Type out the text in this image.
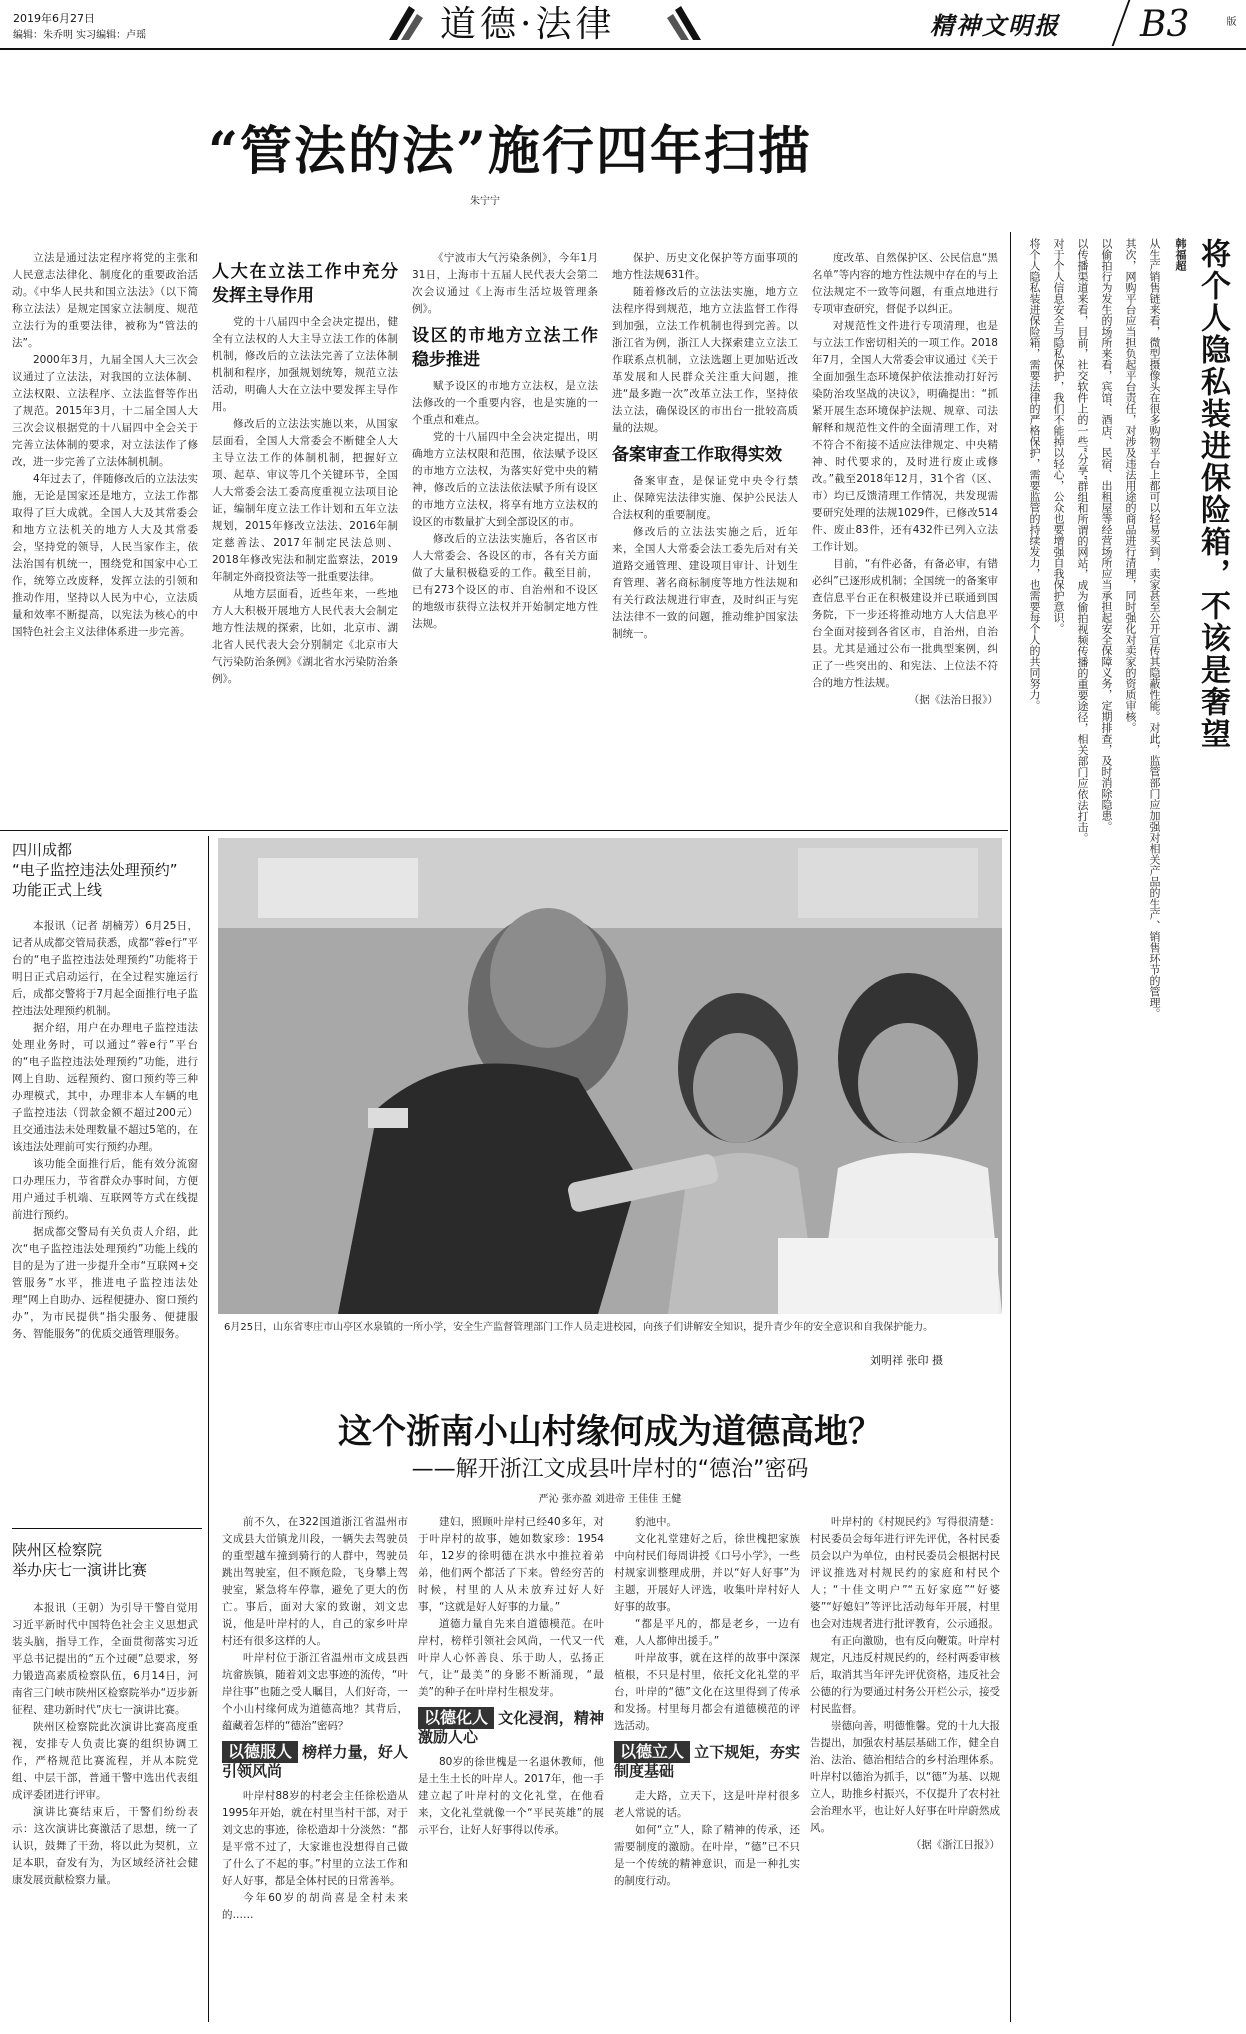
2019年6月27日
编辑：朱乔明 实习编辑：卢瑶	道德·法律	精神文明报 B3	版
“管法的法”施行四年扫描
朱宁宁

立法是通过法定程序将党的主张和人民意志法律化、制度化的重要政治活动。《中华人民共和国立法法》（以下简称立法法）是规定国家立法制度、规范立法行为的重要法律，被称为“管法的法”。

2000年3月，九届全国人大三次会议通过了立法法，对我国的立法体制、立法权限、立法程序、立法监督等作出了规范。2015年3月，十二届全国人大三次会议根据党的十八届四中全会关于完善立法体制的要求，对立法法作了修改，进一步完善了立法体制机制。

4年过去了，伴随修改后的立法法实施，无论是国家还是地方，立法工作都取得了巨大成就。全国人大及其常委会和地方立法机关的地方人大及其常委会，坚持党的领导，人民当家作主，依法治国有机统一，围绕党和国家中心工作，统筹立改废释，发挥立法的引领和推动作用，坚持以人民为中心，立法质量和效率不断提高，以宪法为核心的中国特色社会主义法律体系进一步完善。

人大在立法工作中充分发挥主导作用

党的十八届四中全会决定提出，健全有立法权的人大主导立法工作的体制机制，修改后的立法法完善了立法体制机制和程序，加强规划统筹，规范立法活动，明确人大在立法中要发挥主导作用。

修改后的立法法实施以来，从国家层面看，全国人大常委会不断健全人大主导立法工作的体制机制，把握好立项、起草、审议等几个关键环节，全国人大常委会法工委高度重视立法项目论证，编制年度立法工作计划和五年立法规划，2015年修改立法法、2016年制定慈善法、2017年制定民法总则、2018年修改宪法和制定监察法，2019年制定外商投资法等一批重要法律。

从地方层面看，近些年来，一些地方人大积极开展地方人民代表大会制定地方性法规的探索，比如，北京市、湖北省人民代表大会分别制定《北京市大气污染防治条例》《湖北省水污染防治条例》。

《宁波市大气污染条例》，今年1月31日，上海市十五届人民代表大会第二次会议通过《上海市生活垃圾管理条例》。

设区的市地方立法工作稳步推进

赋予设区的市地方立法权，是立法法修改的一个重要内容，也是实施的一个重点和难点。

党的十八届四中全会决定提出，明确地方立法权限和范围，依法赋予设区的市地方立法权，为落实好党中央的精神，修改后的立法法依法赋予所有设区的市地方立法权，将享有地方立法权的设区的市数量扩大到全部设区的市。

修改后的立法法实施后，各省区市人大常委会、各设区的市，各有关方面做了大量积极稳妥的工作。截至目前，已有273个设区的市、自治州和不设区的地级市获得立法权并开始制定地方性法规。

保护、历史文化保护等方面事项的地方性法规631件。

随着修改后的立法法实施，地方立法程序得到规范，地方立法监督工作得到加强，立法工作机制也得到完善。以浙江省为例，浙江人大探索建立立法工作联系点机制，立法选题上更加贴近改革发展和人民群众关注重大问题，推进“最多跑一次”改革立法工作，坚持依法立法，确保设区的市出台一批较高质量的法规。

备案审查工作取得实效

备案审查，是保证党中央令行禁止、保障宪法法律实施、保护公民法人合法权利的重要制度。

修改后的立法法实施之后，近年来，全国人大常委会法工委先后对有关道路交通管理、建设项目审计、计划生育管理、著名商标制度等地方性法规和有关行政法规进行审查，及时纠正与宪法法律不一致的问题，推动维护国家法制统一。

度改革、自然保护区、公民信息“黑名单”等内容的地方性法规中存在的与上位法规定不一致等问题，有重点地进行专项审查研究，督促予以纠正。

对规范性文件进行专项清理，也是与立法工作密切相关的一项工作。2018年7月，全国人大常委会审议通过《关于全面加强生态环境保护依法推动打好污染防治攻坚战的决议》，明确提出：“抓紧开展生态环境保护法规、规章、司法解释和规范性文件的全面清理工作，对不符合不衔接不适应法律规定、中央精神、时代要求的，及时进行废止或修改。”截至2018年12月，31个省（区、市）均已反馈清理工作情况，共发现需要研究处理的法规1029件，已修改514件、废止83件，还有432件已列入立法工作计划。

目前，“有件必备，有备必审，有错必纠”已逐形成机制；全国统一的备案审查信息平台正在积极建设并已联通到国务院，下一步还将推动地方人大信息平台全面对接到各省区市，自治州，自治县。尤其是通过公布一批典型案例，纠正了一些突出的、和宪法、上位法不符合的地方性法规。

（据《法治日报》）	将个人隐私装进保险箱，不该是奢望
韩福超

从生产销售链来看，微型摄像头在很多购物平台上都可以轻易买到，卖家甚至公开宣传其隐蔽性能。对此，监管部门应加强对相关产品的生产、销售环节的管理。

其次，网购平台应当担负起平台责任，对涉及违法用途的商品进行清理，同时强化对卖家的资质审核。

以偷拍行为发生的场所来看，宾馆、酒店、民宿、出租屋等经营场所应当承担起安全保障义务，定期排查，及时消除隐患。

以传播渠道来看，目前，社交软件上的一些“分享”群组和所谓的网站，成为偷拍视频传播的重要途径，相关部门应依法打击。

对于个人信息安全与隐私保护，我们不能掉以轻心，公众也要增强自我保护意识。

将个人隐私装进保险箱，需要法律的严格保护，需要监管的持续发力，也需要每个人的共同努力。

四川成都
“电子监控违法处理预约”
功能正式上线

本报讯（记者 胡楠芳）6月25日，记者从成都交管局获悉，成都“蓉e行”平台的“电子监控违法处理预约”功能将于明日正式启动运行，在全过程实施运行后，成都交警将于7月起全面推行电子监控违法处理预约机制。

据介绍，用户在办理电子监控违法处理业务时，可以通过“蓉e行”平台的“电子监控违法处理预约”功能，进行网上自助、远程预约、窗口预约等三种办理模式，其中，办理非本人车辆的电子监控违法（罚款金额不超过200元）且交通违法未处理数量不超过5笔的，在该违法处理前可实行预约办理。

该功能全面推行后，能有效分流窗口办理压力，节省群众办事时间，方便用户通过手机端、互联网等方式在线提前进行预约。

据成都交警局有关负责人介绍，此次“电子监控违法处理预约”功能上线的目的是为了进一步提升全市“互联网+交管服务”水平，推进电子监控违法处理“网上自助办、远程便捷办、窗口预约办”，为市民提供“指尖服务、便捷服务、智能服务”的优质交通管理服务。

陕州区检察院
举办庆七一演讲比赛

本报讯（王朝）为引导干警自觉用习近平新时代中国特色社会主义思想武装头脑，指导工作，全面贯彻落实习近平总书记提出的“五个过硬”总要求，努力锻造高素质检察队伍，6月14日，河南省三门峡市陕州区检察院举办“迈步新征程、建功新时代”庆七一演讲比赛。

陕州区检察院此次演讲比赛高度重视，安排专人负责比赛的组织协调工作，严格规范比赛流程，并从本院党组、中层干部，普通干警中选出代表组成评委团进行评审。

演讲比赛结束后，干警们纷纷表示：这次演讲比赛激活了思想，统一了认识，鼓舞了干劲，将以此为契机，立足本职，奋发有为，为区域经济社会健康发展贡献检察力量。

6月25日，山东省枣庄市山亭区水泉镇的一所小学，安全生产监督管理部门工作人员走进校园，向孩子们讲解安全知识，提升青少年的安全意识和自我保护能力。
刘明祥 张印 摄
这个浙南小山村缘何成为道德高地？
——解开浙江文成县叶岸村的“德治”密码
严沁 张亦盈 刘进帝 王佳佳 王健

前不久，在322国道浙江省温州市文成县大峃镇龙川段，一辆失去驾驶员的重型越车撞到骑行的人群中，驾驶员跳出驾驶室，但不顾危险，飞身攀上驾驶室，紧急将车停靠，避免了更大的伤亡。事后，面对大家的致谢，刘文忠说，他是叶岸村的人，自己的家乡叶岸村还有很多这样的人。

叶岸村位于浙江省温州市文成县西坑畲族镇，随着刘文忠事迹的流传，“叶岸往事”也随之受人瞩目，人们好奇，一个小山村缘何成为道德高地？其背后，蕴藏着怎样的“德治”密码？

以德服人 榜样力量，好人引领风尚

叶岸村88岁的村老会主任徐松造从1995年开始，就在村里当村干部，对于刘文忠的事迹，徐松造却十分淡然：“都是平常不过了，大家谁也没想得自己做了什么了不起的事。”村里的立法工作和好人好事，都是全体村民的日常善举。

今年60岁的胡尚喜是全村未来的……

建妇，照顾叶岸村已经40多年，对于叶岸村的故事，她如数家珍：1954年，12岁的徐明德在洪水中推拉着弟弟，他们两个都活了下来。曾经穷苦的时候，村里的人从未放弃过好人好事，“这就是好人好事的力量。”

道德力量自先来自道德模范。在叶岸村，榜样引领社会风尚，一代又一代叶岸人心怀善良、乐于助人，弘扬正气，让“最美”的身影不断涌现，“最美”的种子在叶岸村生根发芽。

以德化人 文化浸润，精神激励人心

80岁的徐世槐是一名退休教师，他是土生土长的叶岸人。2017年，他一手建立起了叶岸村的文化礼堂，在他看来，文化礼堂就像一个“平民英雄”的展示平台，让好人好事得以传承。

豹池中。

文化礼堂建好之后，徐世槐把家族中向村民们每周讲授《口号小学》，一些村规家训整理成册，并以“好人好事”为主题，开展好人评选，收集叶岸村好人好事的故事。

“都是平凡的，都是老乡，一边有难，人人都伸出援手。”

叶岸故事，就在这样的故事中深深植根，不只是村里，依托文化礼堂的平台，叶岸的“德”文化在这里得到了传承和发扬。村里每月都会有道德模范的评选活动。

以德立人 立下规矩，夯实制度基础

走大路，立天下，这是叶岸村很多老人常说的话。

如何“立”人，除了精神的传承，还需要制度的激励。在叶岸，“德”已不只是一个传统的精神意识，而是一种扎实的制度行动。

叶岸村的《村规民约》写得很清楚：村民委员会每年进行评先评优，各村民委员会以户为单位，由村民委员会根据村民评议推选对村规民约的家庭和村民个人；“十佳文明户”“五好家庭”“好婆婆”“好媳妇”等评比活动每年开展，村里也会对违规者进行批评教育，公示通报。

有正向激励，也有反向鞭策。叶岸村规定，凡违反村规民约的，经村两委审核后，取消其当年评先评优资格，违反社会公德的行为要通过村务公开栏公示，接受村民监督。

崇德向善，明德惟馨。党的十九大报告提出，加强农村基层基础工作，健全自治、法治、德治相结合的乡村治理体系。叶岸村以德治为抓手，以“德”为基、以规立人，助推乡村振兴，不仅提升了农村社会治理水平，也让好人好事在叶岸蔚然成风。

（据《浙江日报》）
